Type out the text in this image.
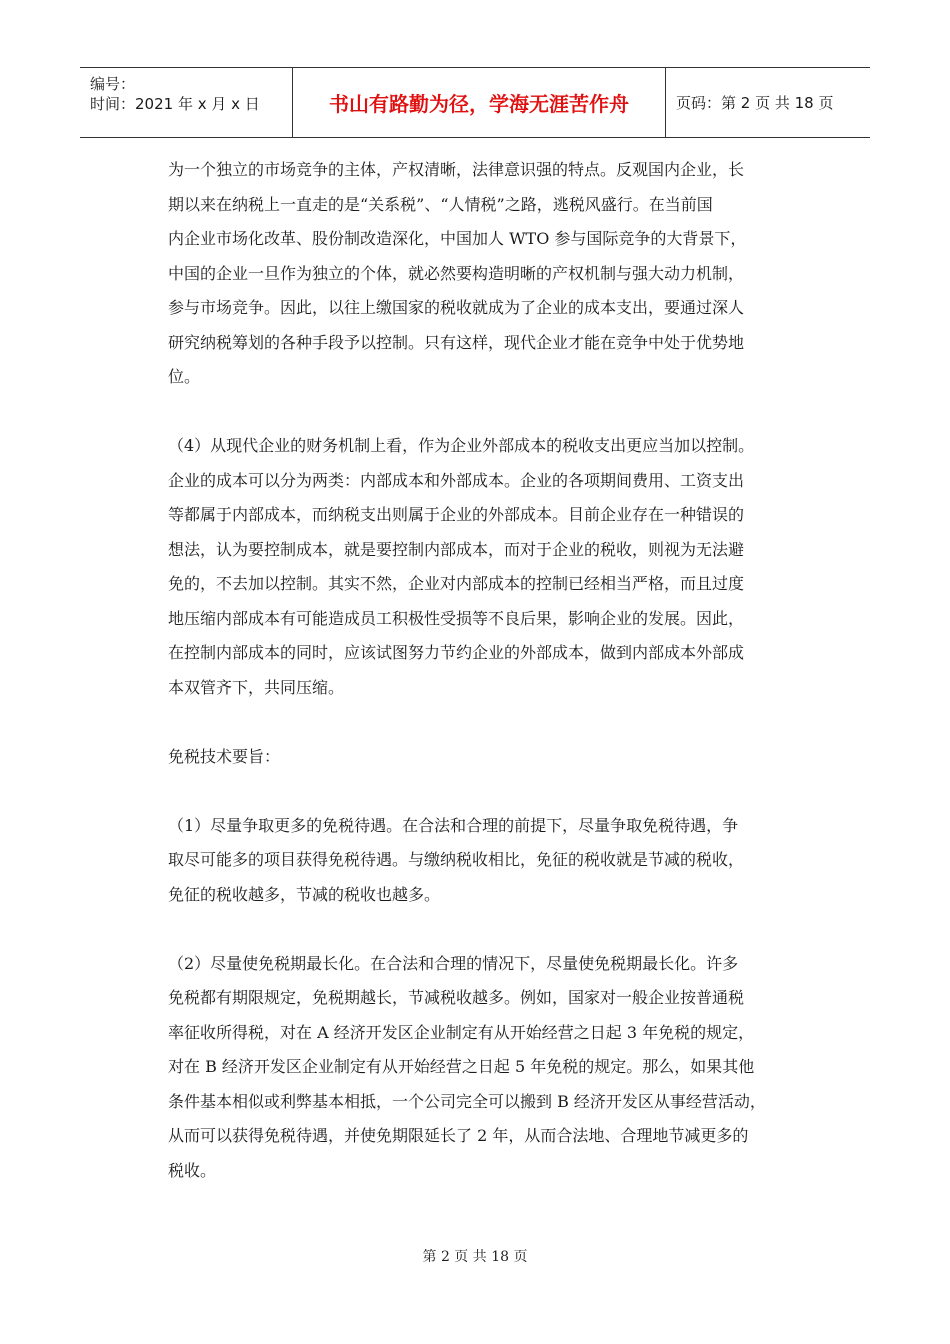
编号：
时间：2021 年 x 月 x 日	书山有路勤为径，学海无涯苦作舟	页码：第 2 页 共 18 页
为一个独立的市场竞争的主体，产权清晰，法律意识强的特点。反观国内企业，长
期以来在纳税上一直走的是“关系税”、“人情税”之路，逃税风盛行。在当前国
内企业市场化改革、股份制改造深化，中国加人 WTO 参与国际竞争的大背景下，
中国的企业一旦作为独立的个体，就必然要构造明晰的产权机制与强大动力机制，
参与市场竞争。因此，以往上缴国家的税收就成为了企业的成本支出，要通过深人
研究纳税筹划的各种手段予以控制。只有这样，现代企业才能在竞争中处于优势地
位。
（4）从现代企业的财务机制上看，作为企业外部成本的税收支出更应当加以控制。
企业的成本可以分为两类：内部成本和外部成本。企业的各项期间费用、工资支出
等都属于内部成本，而纳税支出则属于企业的外部成本。目前企业存在一种错误的
想法，认为要控制成本，就是要控制内部成本，而对于企业的税收，则视为无法避
免的，不去加以控制。其实不然，企业对内部成本的控制已经相当严格，而且过度
地压缩内部成本有可能造成员工积极性受损等不良后果，影响企业的发展。因此，
在控制内部成本的同时，应该试图努力节约企业的外部成本，做到内部成本外部成
本双管齐下，共同压缩。
免税技术要旨：
（1）尽量争取更多的免税待遇。在合法和合理的前提下，尽量争取免税待遇，争
取尽可能多的项目获得免税待遇。与缴纳税收相比，免征的税收就是节减的税收，
免征的税收越多，节减的税收也越多。
（2）尽量使免税期最长化。在合法和合理的情况下，尽量使免税期最长化。许多
免税都有期限规定，免税期越长，节减税收越多。例如，国家对一般企业按普通税
率征收所得税，对在 A 经济开发区企业制定有从开始经营之日起 3 年免税的规定，
对在 B 经济开发区企业制定有从开始经营之日起 5 年免税的规定。那么，如果其他
条件基本相似或利弊基本相抵，一个公司完全可以搬到 B 经济开发区从事经营活动，
从而可以获得免税待遇，并使免期限延长了 2 年，从而合法地、合理地节减更多的
税收。
第 2 页 共 18 页
